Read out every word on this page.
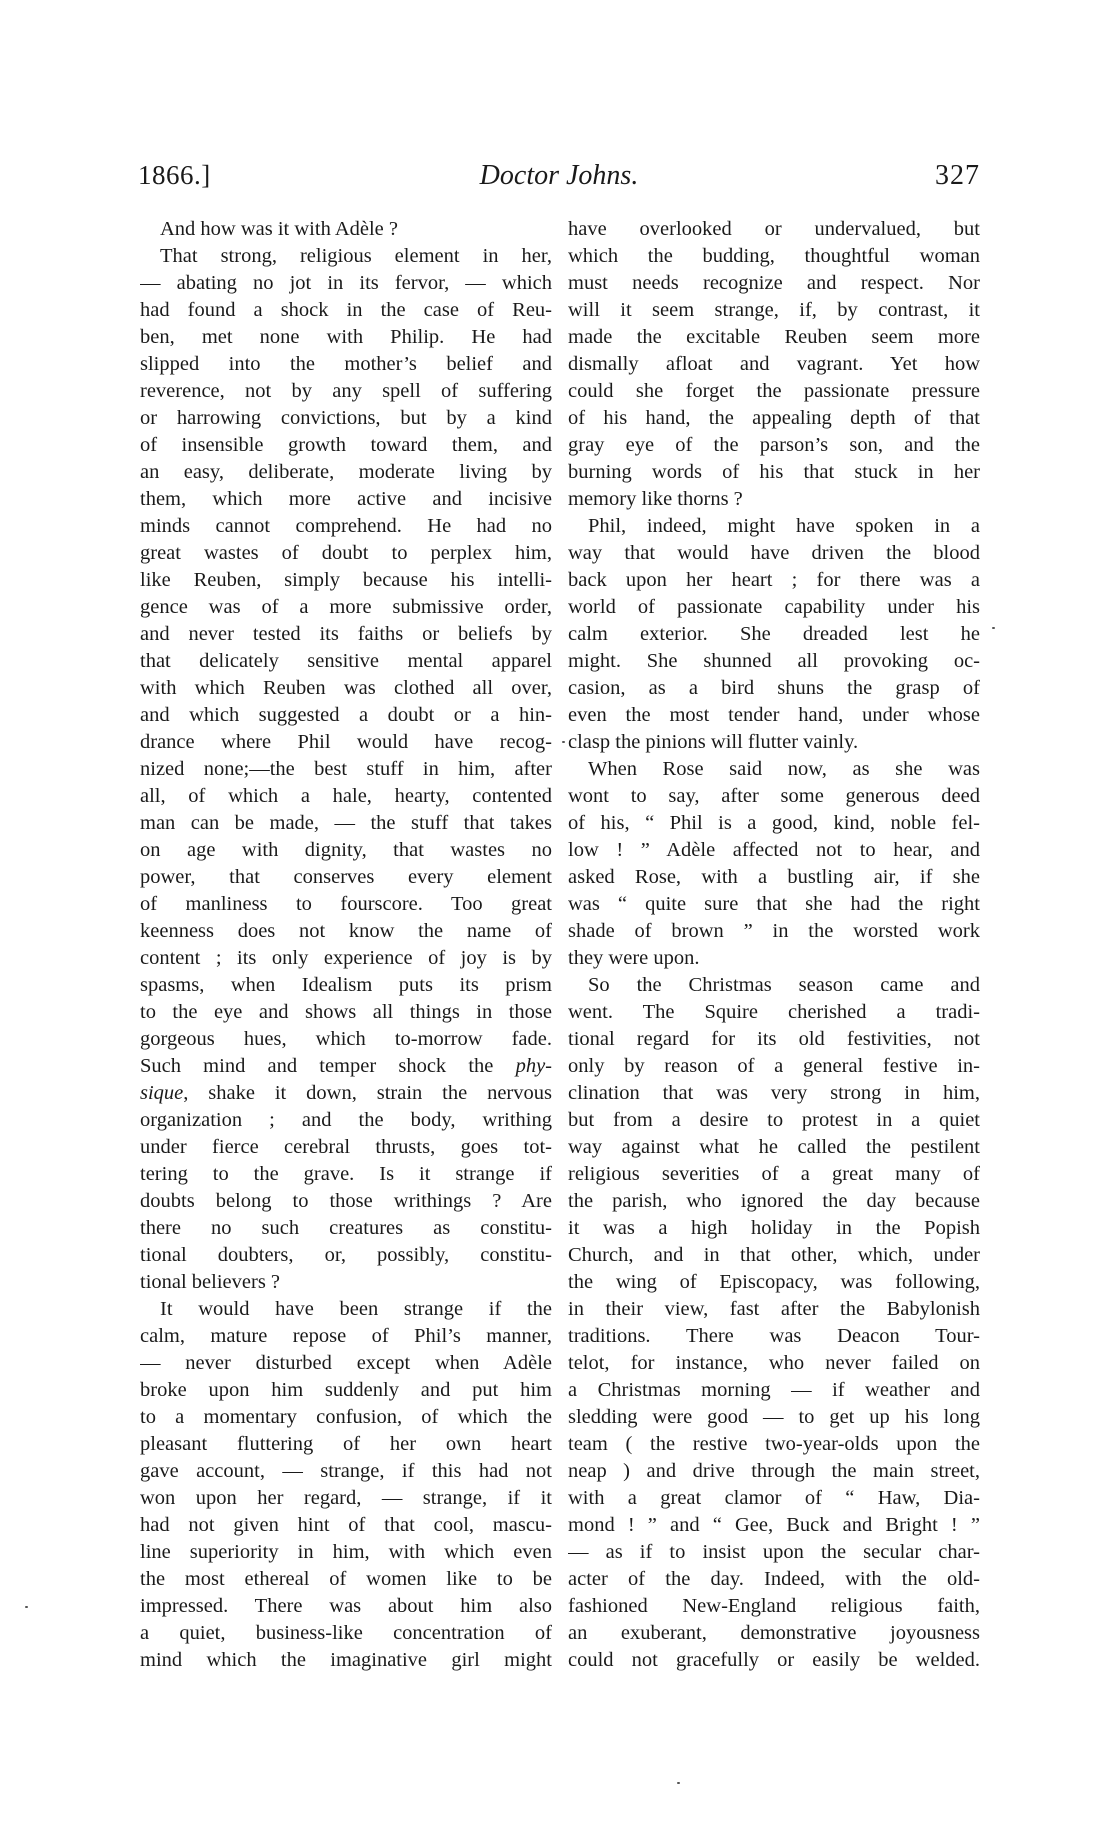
1866.]	Doctor Johns.	327
And how was it with Adèle ?
That strong, religious element in her,
— abating no jot in its fervor, — which
had found a shock in the case of Reu-
ben, met none with Philip. He had
slipped into the mother’s belief and
reverence, not by any spell of suffering
or harrowing convictions, but by a kind
of insensible growth toward them, and
an easy, deliberate, moderate living by
them, which more active and incisive
minds cannot comprehend. He had no
great wastes of doubt to perplex him,
like Reuben, simply because his intelli-
gence was of a more submissive order,
and never tested its faiths or beliefs by
that delicately sensitive mental apparel
with which Reuben was clothed all over,
and which suggested a doubt or a hin-
drance where Phil would have recog-
nized none;—the best stuff in him, after
all, of which a hale, hearty, contented
man can be made, — the stuff that takes
on age with dignity, that wastes no
power, that conserves every element
of manliness to fourscore. Too great
keenness does not know the name of
content ; its only experience of joy is by
spasms, when Idealism puts its prism
to the eye and shows all things in those
gorgeous hues, which to-morrow fade.
Such mind and temper shock the phy-
sique, shake it down, strain the nervous
organization ; and the body, writhing
under fierce cerebral thrusts, goes tot-
tering to the grave. Is it strange if
doubts belong to those writhings ? Are
there no such creatures as constitu-
tional doubters, or, possibly, constitu-
tional believers ?
It would have been strange if the
calm, mature repose of Phil’s manner,
— never disturbed except when Adèle
broke upon him suddenly and put him
to a momentary confusion, of which the
pleasant fluttering of her own heart
gave account, — strange, if this had not
won upon her regard, — strange, if it
had not given hint of that cool, mascu-
line superiority in him, with which even
the most ethereal of women like to be
impressed. There was about him also
a quiet, business-like concentration of
mind which the imaginative girl might
have overlooked or undervalued, but
which the budding, thoughtful woman
must needs recognize and respect. Nor
will it seem strange, if, by contrast, it
made the excitable Reuben seem more
dismally afloat and vagrant. Yet how
could she forget the passionate pressure
of his hand, the appealing depth of that
gray eye of the parson’s son, and the
burning words of his that stuck in her
memory like thorns ?
Phil, indeed, might have spoken in a
way that would have driven the blood
back upon her heart ; for there was a
world of passionate capability under his
calm exterior. She dreaded lest he
might. She shunned all provoking oc-
casion, as a bird shuns the grasp of
even the most tender hand, under whose
clasp the pinions will flutter vainly.
When Rose said now, as she was
wont to say, after some generous deed
of his, “ Phil is a good, kind, noble fel-
low ! ” Adèle affected not to hear, and
asked Rose, with a bustling air, if she
was “ quite sure that she had the right
shade of brown ” in the worsted work
they were upon.
So the Christmas season came and
went. The Squire cherished a tradi-
tional regard for its old festivities, not
only by reason of a general festive in-
clination that was very strong in him,
but from a desire to protest in a quiet
way against what he called the pestilent
religious severities of a great many of
the parish, who ignored the day because
it was a high holiday in the Popish
Church, and in that other, which, under
the wing of Episcopacy, was following,
in their view, fast after the Babylonish
traditions. There was Deacon Tour-
telot, for instance, who never failed on
a Christmas morning — if weather and
sledding were good — to get up his long
team ( the restive two-year-olds upon the
neap ) and drive through the main street,
with a great clamor of “ Haw, Dia-
mond ! ” and “ Gee, Buck and Bright ! ”
— as if to insist upon the secular char-
acter of the day. Indeed, with the old-
fashioned New-England religious faith,
an exuberant, demonstrative joyousness
could not gracefully or easily be welded.
